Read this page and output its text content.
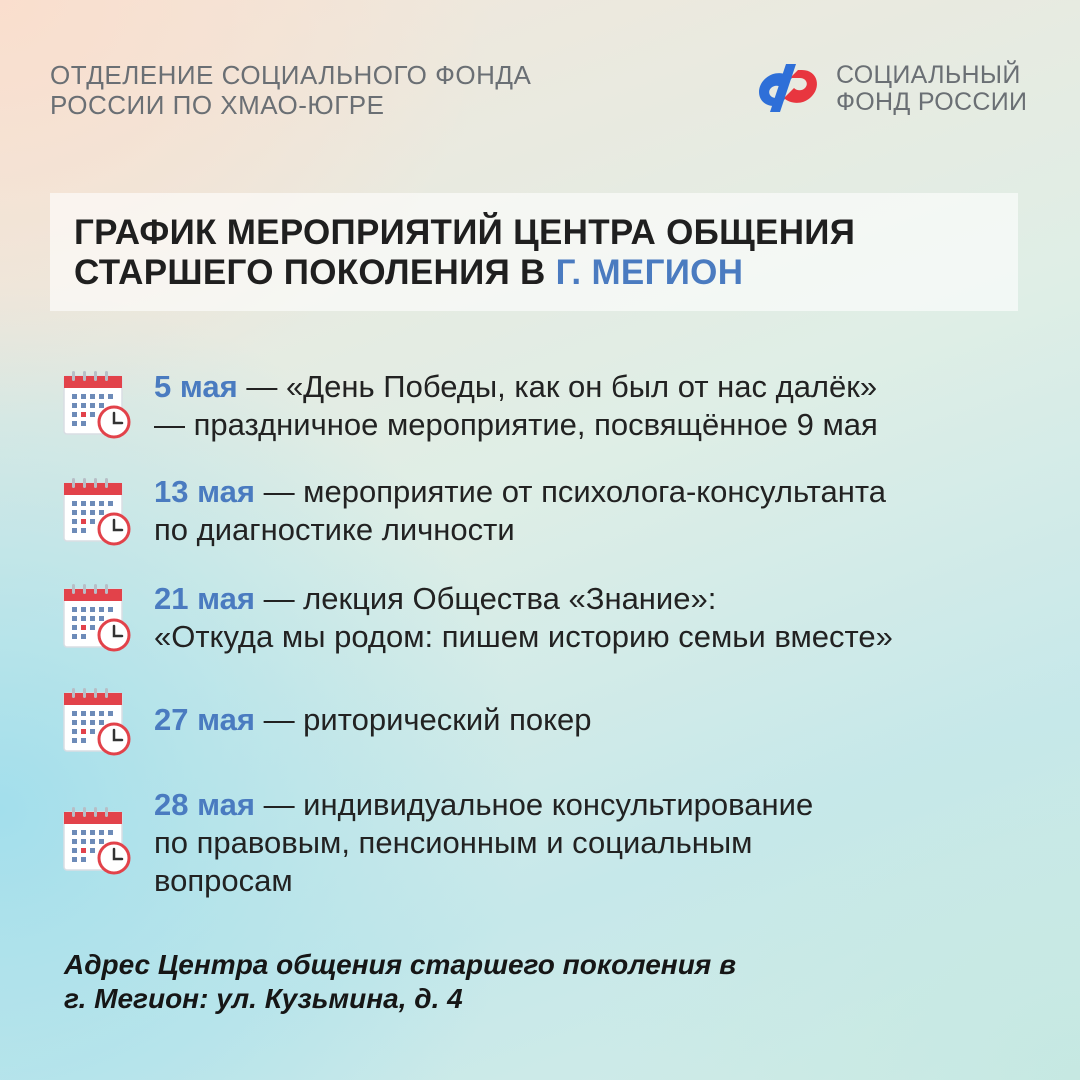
ОТДЕЛЕНИЕ СОЦИАЛЬНОГО ФОНДА
РОССИИ ПО ХМАО-ЮГРЕ
СОЦИАЛЬНЫЙ
ФОНД РОССИИ
ГРАФИК МЕРОПРИЯТИЙ ЦЕНТРА ОБЩЕНИЯ
СТАРШЕГО ПОКОЛЕНИЯ В Г. МЕГИОН
5 мая — «День Победы, как он был от нас далёк»
— праздничное мероприятие, посвящённое 9 мая
13 мая — мероприятие от психолога-консультанта
по диагностике личности
21 мая — лекция Общества «Знание»:
«Откуда мы родом: пишем историю семьи вместе»
27 мая — риторический покер
28 мая — индивидуальное консультирование
по правовым, пенсионным и социальным
вопросам
Адрес Центра общения старшего поколения в
г. Мегион: ул. Кузьмина, д. 4
